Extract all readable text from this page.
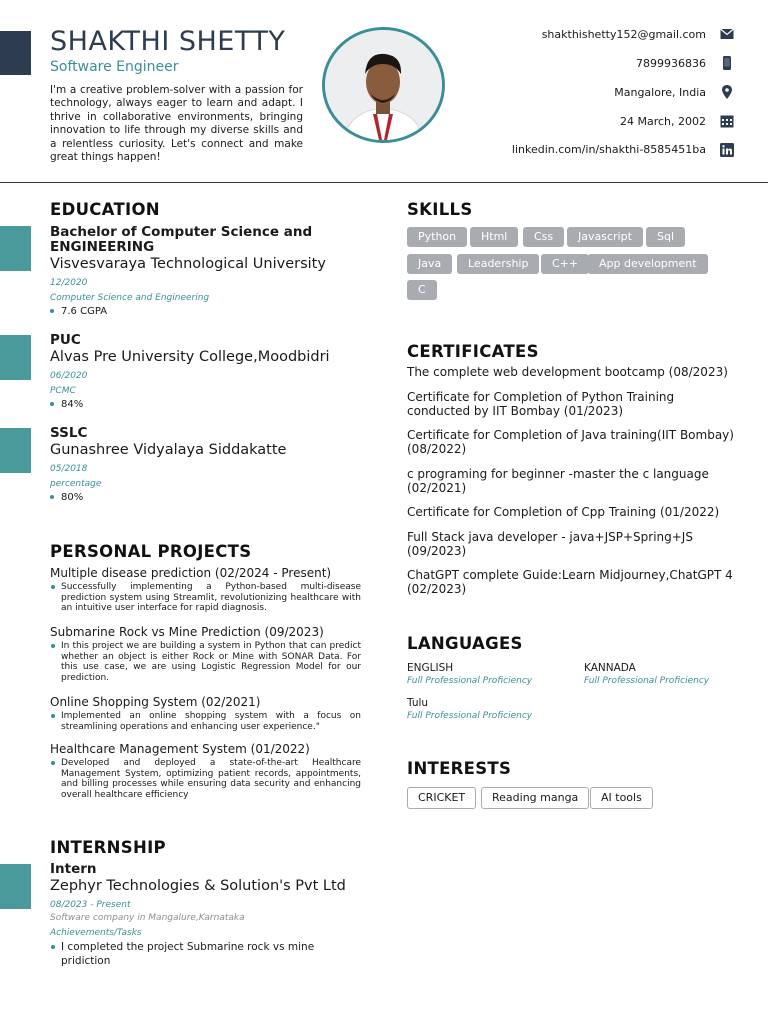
SHAKTHI SHETTY
Software Engineer
I'm a creative problem-solver with a passion for technology, always eager to learn and adapt. I thrive in collaborative environments, bringing innovation to life through my diverse skills and a relentless curiosity. Let's connect and make great things happen!
shakthishetty152@gmail.com
7899936836
Mangalore, India
24 March, 2002
linkedin.com/in/shakthi-8585451ba
EDUCATION
Bachelor of Computer Science and ENGINEERING
Visvesvaraya Technological University
12/2020
Computer Science and Engineering
7.6 CGPA
PUC
Alvas Pre University College,Moodbidri
06/2020
PCMC
84%
SSLC
Gunashree Vidyalaya Siddakatte
05/2018
percentage
80%
PERSONAL PROJECTS
Multiple disease prediction (02/2024 - Present)
Successfully implementing a Python-based multi-disease prediction system using Streamlit, revolutionizing healthcare with an intuitive user interface for rapid diagnosis.
Submarine Rock vs Mine Prediction (09/2023)
In this project we are building a system in Python that can predict whether an object is either Rock or Mine with SONAR Data. For this use case, we are using Logistic Regression Model for our prediction.
Online Shopping System (02/2021)
Implemented an online shopping system with a focus on streamlining operations and enhancing user experience."
Healthcare Management System (01/2022)
Developed and deployed a state-of-the-art Healthcare Management System, optimizing patient records, appointments, and billing processes while ensuring data security and enhancing overall healthcare efficiency
INTERNSHIP
Intern
Zephyr Technologies & Solution's Pvt Ltd
08/2023 - Present
Software company in Mangalure,Karnataka
Achievements/Tasks
I completed the project Submarine rock vs mine pridiction
SKILLS
Python	Html	Css	Javascript	Sql
Java	Leadership	C++	App development
C
CERTIFICATES
The complete web development bootcamp (08/2023)
Certificate for Completion of Python Training conducted by IIT Bombay (01/2023)
Certificate for Completion of Java training(IIT Bombay) (08/2022)
c programing for beginner -master the c language (02/2021)
Certificate for Completion of Cpp Training (01/2022)
Full Stack java developer - java+JSP+Spring+JS (09/2023)
ChatGPT complete Guide:Learn Midjourney,ChatGPT 4 (02/2023)
LANGUAGES
ENGLISH
Full Professional Proficiency
KANNADA
Full Professional Proficiency
Tulu
Full Professional Proficiency
INTERESTS
CRICKET	Reading manga	AI tools
